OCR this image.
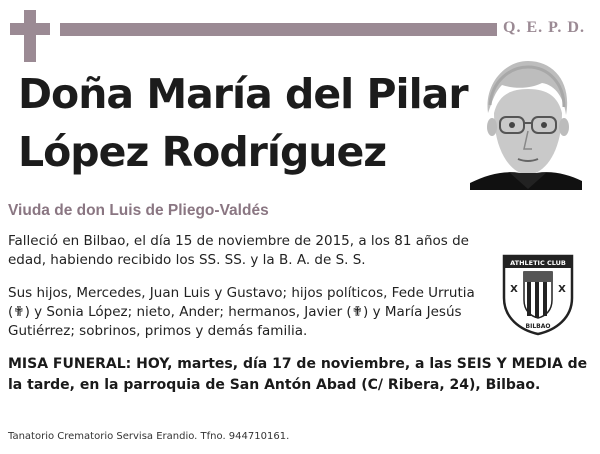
Q. E. P. D.
Doña María del Pilar
López Rodríguez
Viuda de don Luis de Pliego-Valdés
Falleció en Bilbao, el día 15 de noviembre de 2015, a los 81 años de edad, habiendo recibido los SS. SS. y la B. A. de S. S.
Sus hijos, Mercedes, Juan Luis y Gustavo; hijos políticos, Fede Urrutia (✟) y Sonia López; nieto, Ander; hermanos, Javier (✟) y María Jesús Gutiérrez; sobrinos, primos y demás familia.
ATHLETIC CLUB
X	X
BILBAO
MISA FUNERAL: HOY, martes, día 17 de noviembre, a las SEIS Y MEDIA de la tarde, en la parroquia de San Antón Abad (C/ Ribera, 24), Bilbao.
Tanatorio Crematorio Servisa Erandio. Tfno. 944710161.
